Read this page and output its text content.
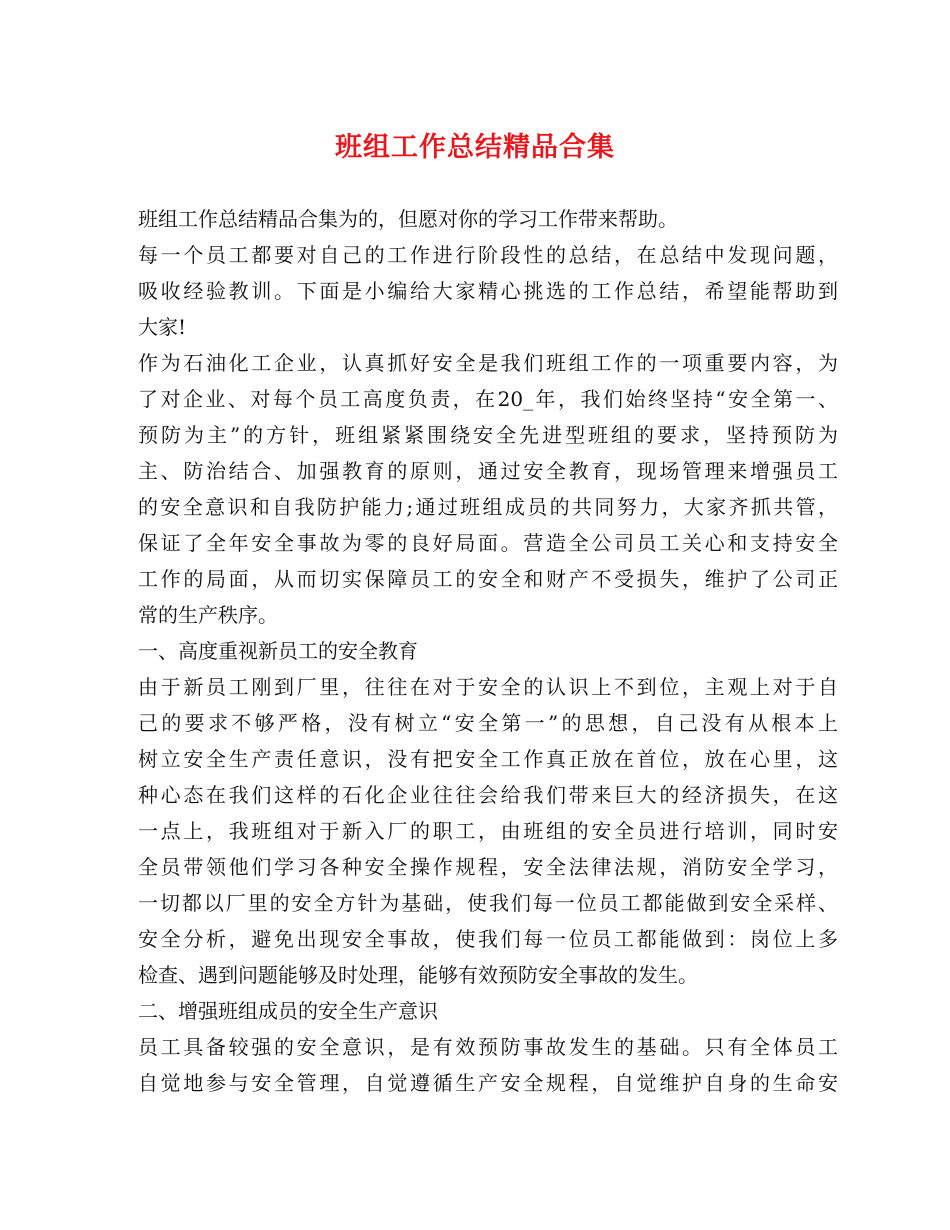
班组工作总结精品合集
班组工作总结精品合集为的，但愿对你的学习工作带来帮助。
每一个员工都要对自己的工作进行阶段性的总结，在总结中发现问题，
吸收经验教训。下面是小编给大家精心挑选的工作总结，希望能帮助到
大家!
作为石油化工企业，认真抓好安全是我们班组工作的一项重要内容，为
了对企业、对每个员工高度负责，在20_年，我们始终坚持“安全第一、
预防为主”的方针，班组紧紧围绕安全先进型班组的要求，坚持预防为
主、防治结合、加强教育的原则，通过安全教育，现场管理来增强员工
的安全意识和自我防护能力;通过班组成员的共同努力，大家齐抓共管，
保证了全年安全事故为零的良好局面。营造全公司员工关心和支持安全
工作的局面，从而切实保障员工的安全和财产不受损失，维护了公司正
常的生产秩序。
一、高度重视新员工的安全教育
由于新员工刚到厂里，往往在对于安全的认识上不到位，主观上对于自
己的要求不够严格，没有树立“安全第一”的思想，自己没有从根本上
树立安全生产责任意识，没有把安全工作真正放在首位，放在心里，这
种心态在我们这样的石化企业往往会给我们带来巨大的经济损失，在这
一点上，我班组对于新入厂的职工，由班组的安全员进行培训，同时安
全员带领他们学习各种安全操作规程，安全法律法规，消防安全学习，
一切都以厂里的安全方针为基础，使我们每一位员工都能做到安全采样、
安全分析，避免出现安全事故，使我们每一位员工都能做到：岗位上多
检查、遇到问题能够及时处理，能够有效预防安全事故的发生。
二、增强班组成员的安全生产意识
员工具备较强的安全意识，是有效预防事故发生的基础。只有全体员工
自觉地参与安全管理，自觉遵循生产安全规程，自觉维护自身的生命安
